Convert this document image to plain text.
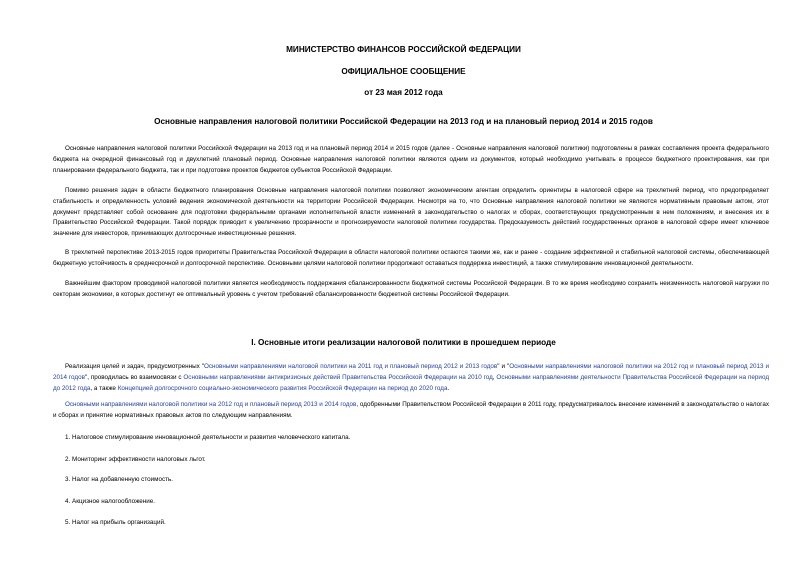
МИНИСТЕРСТВО ФИНАНСОВ РОССИЙСКОЙ ФЕДЕРАЦИИ
ОФИЦИАЛЬНОЕ СООБЩЕНИЕ
от 23 мая 2012 года
Основные направления налоговой политики Российской Федерации на 2013 год и на плановый период 2014 и 2015 годов
Основные направления налоговой политики Российской Федерации на 2013 год и на плановый период 2014 и 2015 годов (далее - Основные направления налоговой политики) подготовлены в рамках составления проекта федерального бюджета на очередной финансовый год и двухлетний плановый период. Основные направления налоговой политики являются одним из документов, который необходимо учитывать в процессе бюджетного проектирования, как при планировании федерального бюджета, так и при подготовке проектов бюджетов субъектов Российской Федерации.
Помимо решения задач в области бюджетного планирования Основные направления налоговой политики позволяют экономическим агентам определить ориентиры в налоговой сфере на трехлетний период, что предопределяет стабильность и определенность условий ведения экономической деятельности на территории Российской Федерации. Несмотря на то, что Основные направления налоговой политики не являются нормативным правовым актом, этот документ представляет собой основание для подготовки федеральными органами исполнительной власти изменений в законодательство о налогах и сборах, соответствующих предусмотренным в нем положениям, и внесения их в Правительство Российской Федерации. Такой порядок приводит к увеличению прозрачности и прогнозируемости налоговой политики государства. Предсказуемость действий государственных органов в налоговой сфере имеет ключевое значение для инвесторов, принимающих долгосрочные инвестиционные решения.
В трехлетней перспективе 2013-2015 годов приоритеты Правительства Российской Федерации в области налоговой политики остаются такими же, как и ранее - создание эффективной и стабильной налоговой системы, обеспечивающей бюджетную устойчивость в среднесрочной и долгосрочной перспективе. Основными целями налоговой политики продолжают оставаться поддержка инвестиций, а также стимулирование инновационной деятельности.
Важнейшим фактором проводимой налоговой политики является необходимость поддержания сбалансированности бюджетной системы Российской Федерации. В то же время необходимо сохранить неизменность налоговой нагрузки по секторам экономики, в которых достигнут ее оптимальный уровень с учетом требований сбалансированности бюджетной системы Российской Федерации.
I. Основные итоги реализации налоговой политики в прошедшем периоде
Реализация целей и задач, предусмотренных "Основными направлениями налоговой политики на 2011 год и плановый период 2012 и 2013 годов" и "Основными направлениями налоговой политики на 2012 год и плановый период 2013 и 2014 годов", проводилась во взаимосвязи с Основными направлениями антикризисных действий Правительства Российской Федерации на 2010 год, Основными направлениями деятельности Правительства Российской Федерации на период до 2012 года, а также Концепцией долгосрочного социально-экономического развития Российской Федерации на период до 2020 года.
Основными направлениями налоговой политики на 2012 год и плановый период 2013 и 2014 годов, одобренными Правительством Российской Федерации в 2011 году, предусматривалось внесение изменений в законодательство о налогах и сборах и принятие нормативных правовых актов по следующим направлениям.
1. Налоговое стимулирование инновационной деятельности и развития человеческого капитала.
2. Мониторинг эффективности налоговых льгот.
3. Налог на добавленную стоимость.
4. Акцизное налогообложение.
5. Налог на прибыль организаций.
